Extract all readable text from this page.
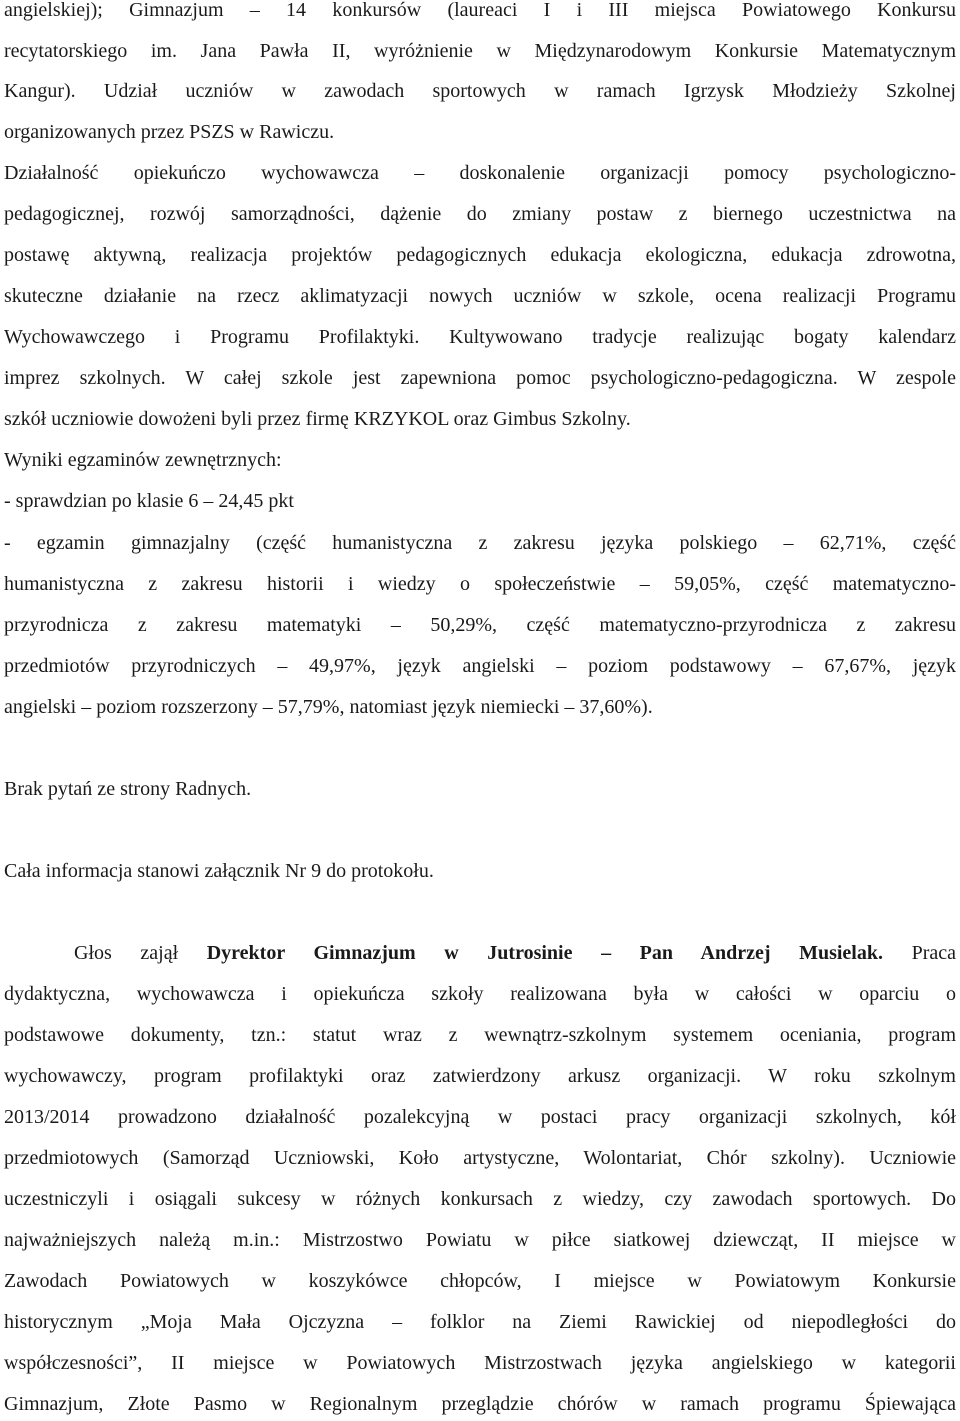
angielskiej); Gimnazjum – 14 konkursów (laureaci I i III miejsca Powiatowego Konkursu
recytatorskiego im. Jana Pawła II, wyróżnienie w Międzynarodowym Konkursie Matematycznym
Kangur). Udział uczniów w zawodach sportowych w ramach Igrzysk Młodzieży Szkolnej
organizowanych przez PSZS w Rawiczu.
Działalność opiekuńczo wychowawcza – doskonalenie organizacji pomocy psychologiczno-
pedagogicznej, rozwój samorządności, dążenie do zmiany postaw z biernego uczestnictwa na
postawę aktywną, realizacja projektów pedagogicznych edukacja ekologiczna, edukacja zdrowotna,
skuteczne działanie na rzecz aklimatyzacji nowych uczniów w szkole, ocena realizacji Programu
Wychowawczego i Programu Profilaktyki. Kultywowano tradycje realizując bogaty kalendarz
imprez szkolnych. W całej szkole jest zapewniona pomoc psychologiczno-pedagogiczna. W zespole
szkół uczniowie dowożeni byli przez firmę KRZYKOL oraz Gimbus Szkolny.
Wyniki egzaminów zewnętrznych:
- sprawdzian po klasie 6 – 24,45 pkt
- egzamin gimnazjalny (część humanistyczna z zakresu języka polskiego – 62,71%, część
humanistyczna z zakresu historii i wiedzy o społeczeństwie – 59,05%, część matematyczno-
przyrodnicza z zakresu matematyki – 50,29%, część matematyczno-przyrodnicza z zakresu
przedmiotów przyrodniczych – 49,97%, język angielski – poziom podstawowy – 67,67%, język
angielski – poziom rozszerzony – 57,79%, natomiast język niemiecki – 37,60%).
Brak pytań ze strony Radnych.
Cała informacja stanowi załącznik Nr 9 do protokołu.
Głos zajął Dyrektor Gimnazjum w Jutrosinie – Pan Andrzej Musielak. Praca
dydaktyczna, wychowawcza i opiekuńcza szkoły realizowana była w całości w oparciu o
podstawowe dokumenty, tzn.: statut wraz z wewnątrz-szkolnym systemem oceniania, program
wychowawczy, program profilaktyki oraz zatwierdzony arkusz organizacji. W roku szkolnym
2013/2014 prowadzono działalność pozalekcyjną w postaci pracy organizacji szkolnych, kół
przedmiotowych (Samorząd Uczniowski, Koło artystyczne, Wolontariat, Chór szkolny). Uczniowie
uczestniczyli i osiągali sukcesy w różnych konkursach z wiedzy, czy zawodach sportowych. Do
najważniejszych należą m.in.: Mistrzostwo Powiatu w piłce siatkowej dziewcząt, II miejsce w
Zawodach Powiatowych w koszykówce chłopców, I miejsce w Powiatowym Konkursie
historycznym „Moja Mała Ojczyzna – folklor na Ziemi Rawickiej od niepodległości do
współczesności”, II miejsce w Powiatowych Mistrzostwach języka angielskiego w kategorii
Gimnazjum, Złote Pasmo w Regionalnym przeglądzie chórów w ramach programu Śpiewająca
